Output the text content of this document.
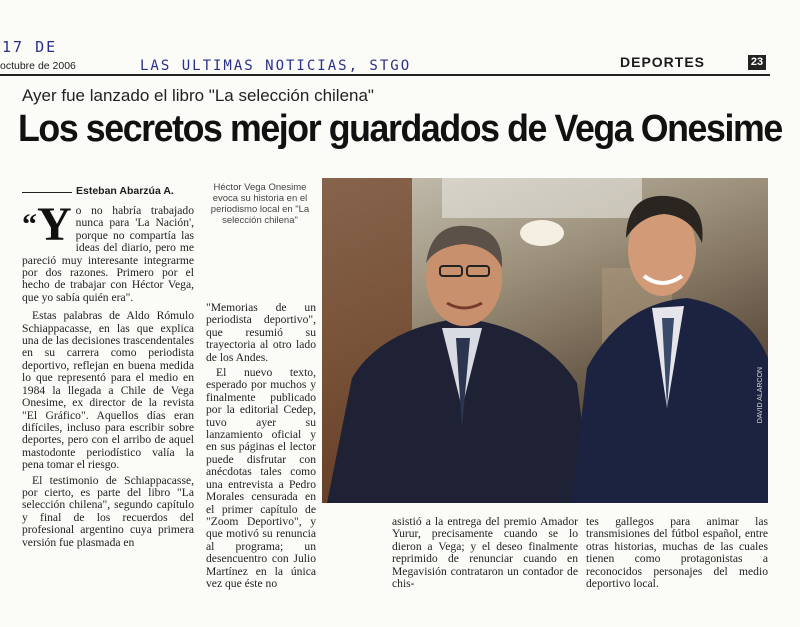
17 DE
LAS ULTIMAS NOTICIAS, STGO
octubre de 2006	DEPORTES	23
Ayer fue lanzado el libro "La selección chilena"
Los secretos mejor guardados de Vega Onesime
Esteban Abarzúa A.
“Y o no habría trabajado nunca para 'La Nación', porque no compartía las ideas del diario, pero me pareció muy interesante integrarme por dos razones. Primero por el hecho de trabajar con Héctor Vega, que yo sabía quién era".

Estas palabras de Aldo Rómulo Schiappacasse, en las que explica una de las decisiones trascendentales en su carrera como periodista deportivo, reflejan en buena medida lo que representó para el medio en 1984 la llegada a Chile de Vega Onesime, ex director de la revista "El Gráfico". Aquellos días eran difíciles, incluso para escribir sobre deportes, pero con el arribo de aquel mastodonte periodístico valía la pena tomar el riesgo.

El testimonio de Schiappacasse, por cierto, es parte del libro "La selección chilena", segundo capítulo y final de los recuerdos del profesional argentino cuya primera versión fue plasmada en

Héctor Vega Onesime evoca su historia en el periodismo local en "La selección chilena"

"Memorias de un periodista deportivo", que resumió su trayectoria al otro lado de los Andes.

El nuevo texto, esperado por muchos y finalmente publicado por la editorial Cedep, tuvo ayer su lanzamiento oficial y en sus páginas el lector puede disfrutar con anécdotas tales como una entrevista a Pedro Morales censurada en el primer capítulo de "Zoom Deportivo", y que motivó su renuncia al programa; un desencuentro con Julio Martínez en la única vez que éste no

DAVID ALARCON
asistió a la entrega del premio Amador Yurur, precisamente cuando se lo dieron a Vega; y el deseo finalmente reprimido de renunciar cuando en Megavisión contrataron un contador de chis-
tes gallegos para animar las transmisiones del fútbol español, entre otras historias, muchas de las cuales tienen como protagonistas a reconocidos personajes del medio deportivo local.
